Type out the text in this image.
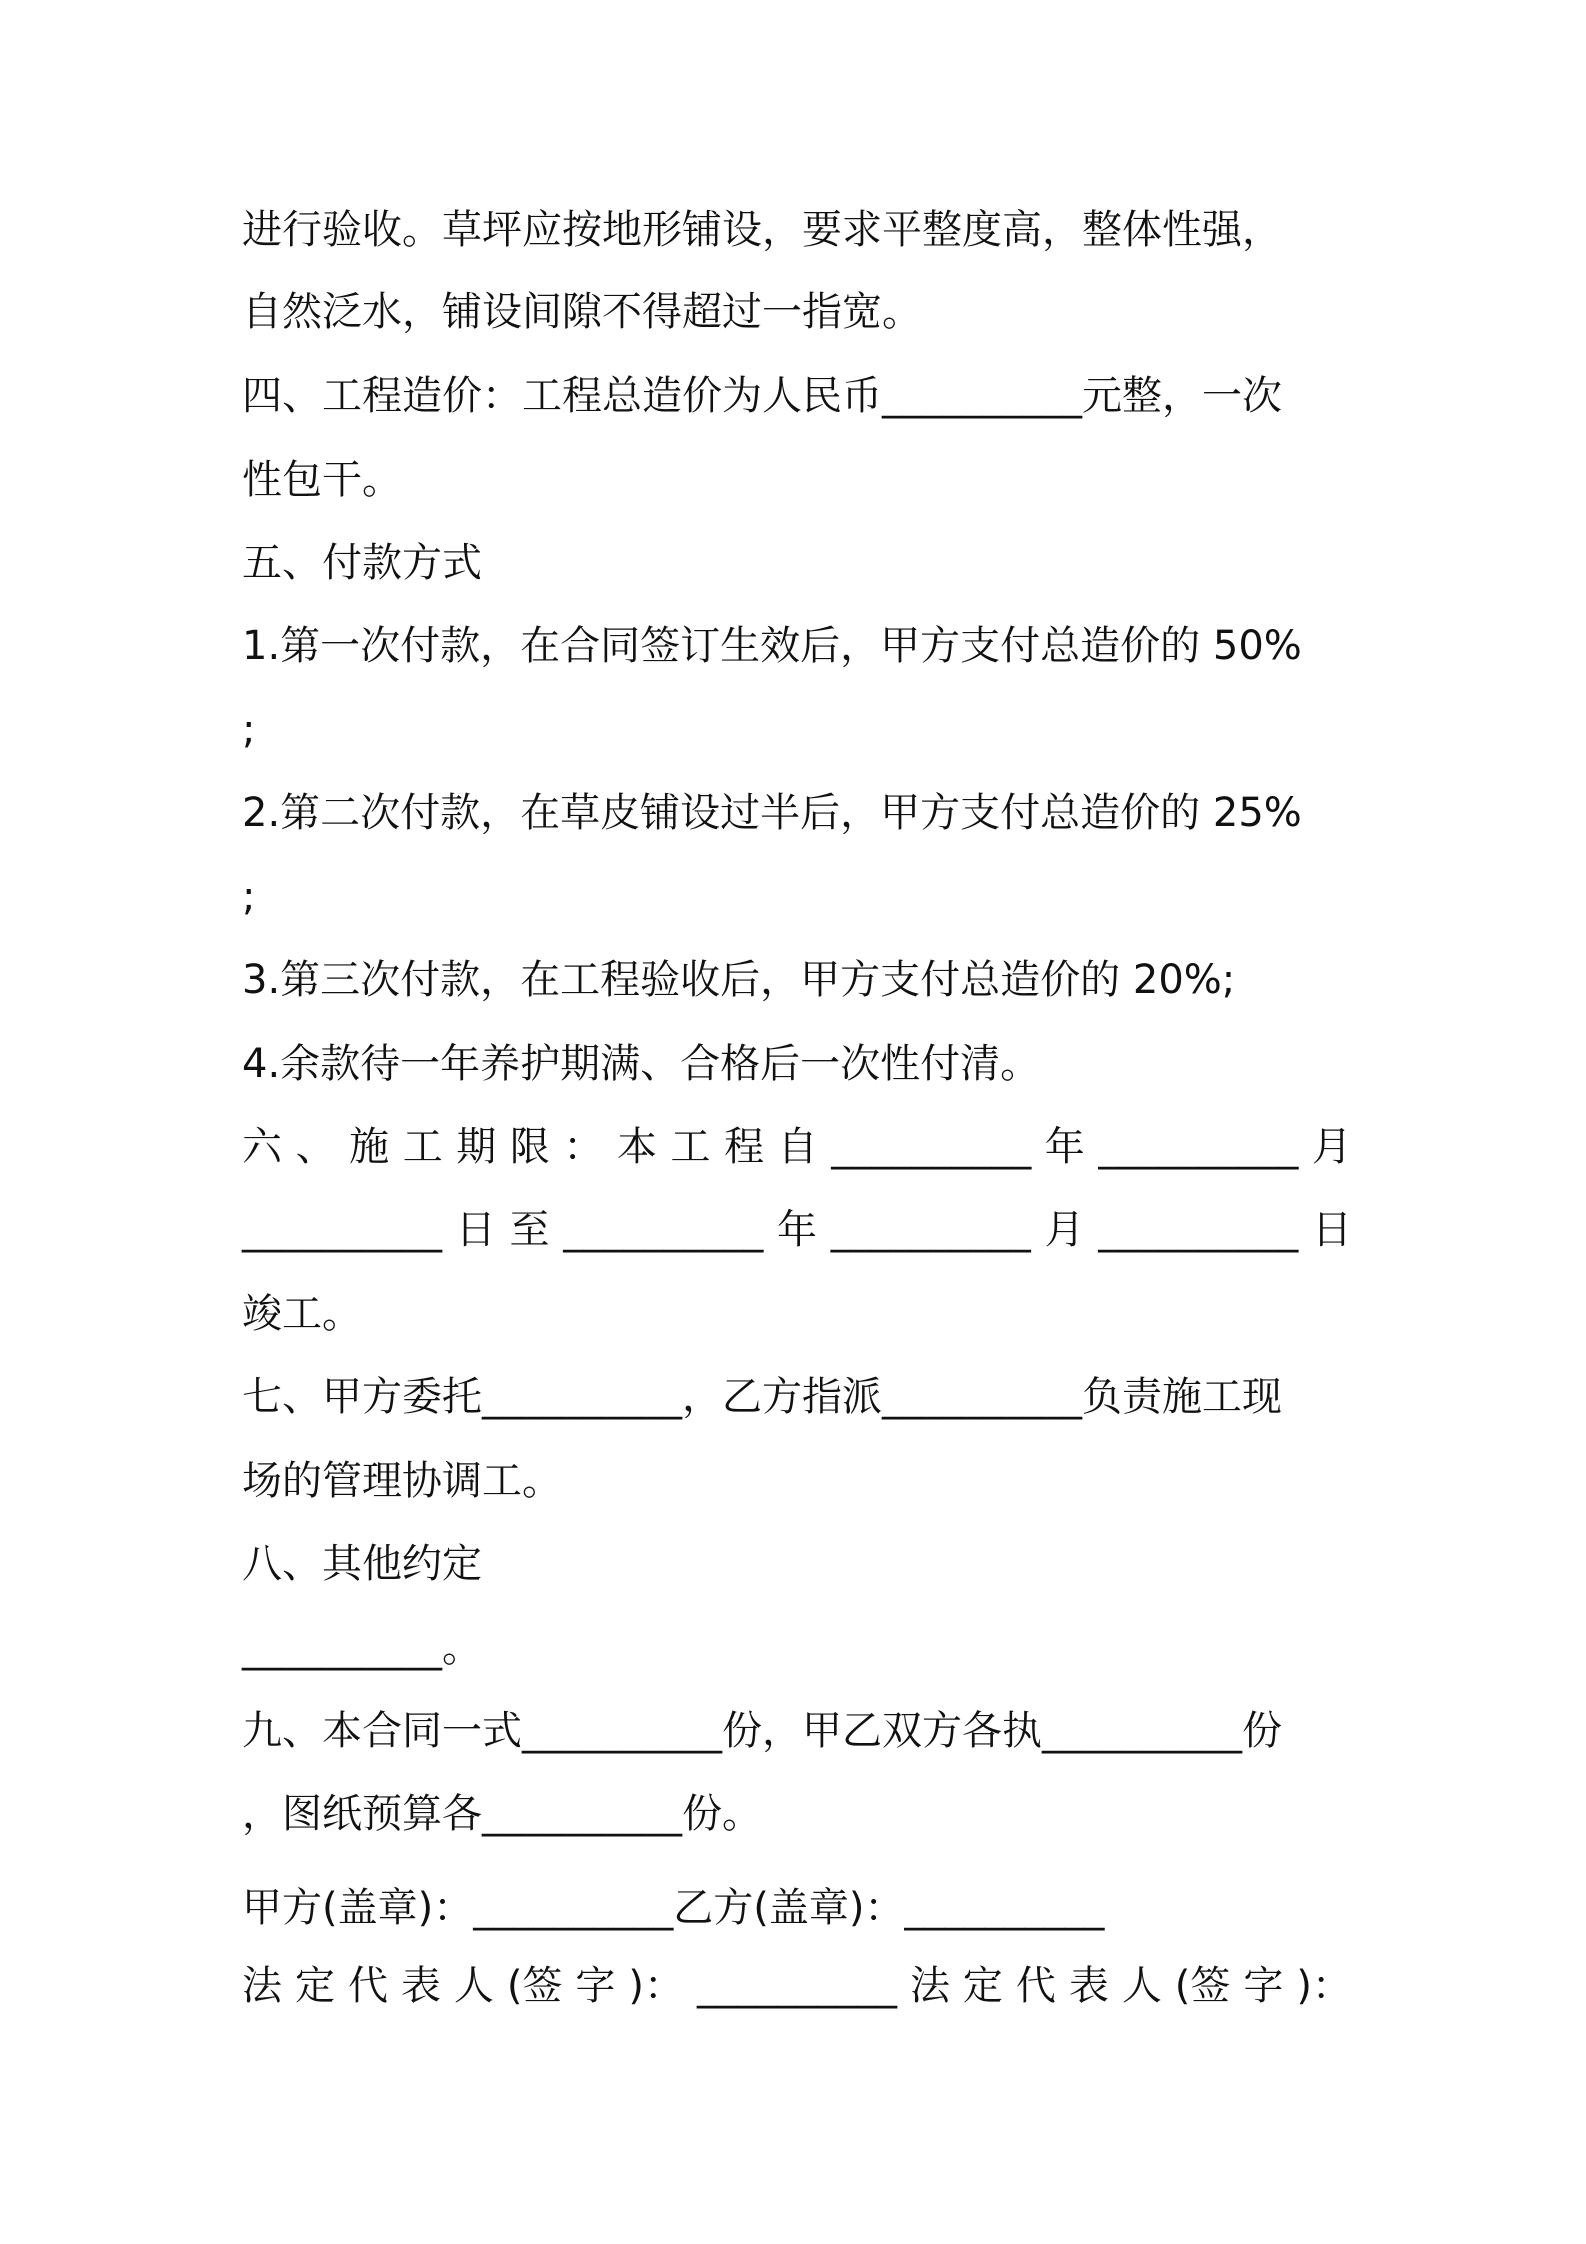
进行验收。草坪应按地形铺设，要求平整度高，整体性强，
自然泛水，铺设间隙不得超过一指宽。
四、工程造价：工程总造价为人民币__________元整，一次
性包干。
五、付款方式
1.第一次付款，在合同签订生效后，甲方支付总造价的 50%
;
2.第二次付款，在草皮铺设过半后，甲方支付总造价的 25%
;
3.第三次付款，在工程验收后，甲方支付总造价的 20%;
4.余款待一年养护期满、合格后一次性付清。
六 、 施 工 期 限 ： 本 工 程 自 __________ 年 __________ 月
__________ 日 至 __________ 年 __________ 月 __________ 日
竣工。
七、甲方委托__________，乙方指派__________负责施工现
场的管理协调工。
八、其他约定
__________。
九、本合同一式__________份，甲乙双方各执__________份
，图纸预算各__________份。
甲方(盖章)：__________乙方(盖章)：__________
法 定 代 表 人 (签 字 )： __________ 法 定 代 表 人 (签 字 )：
